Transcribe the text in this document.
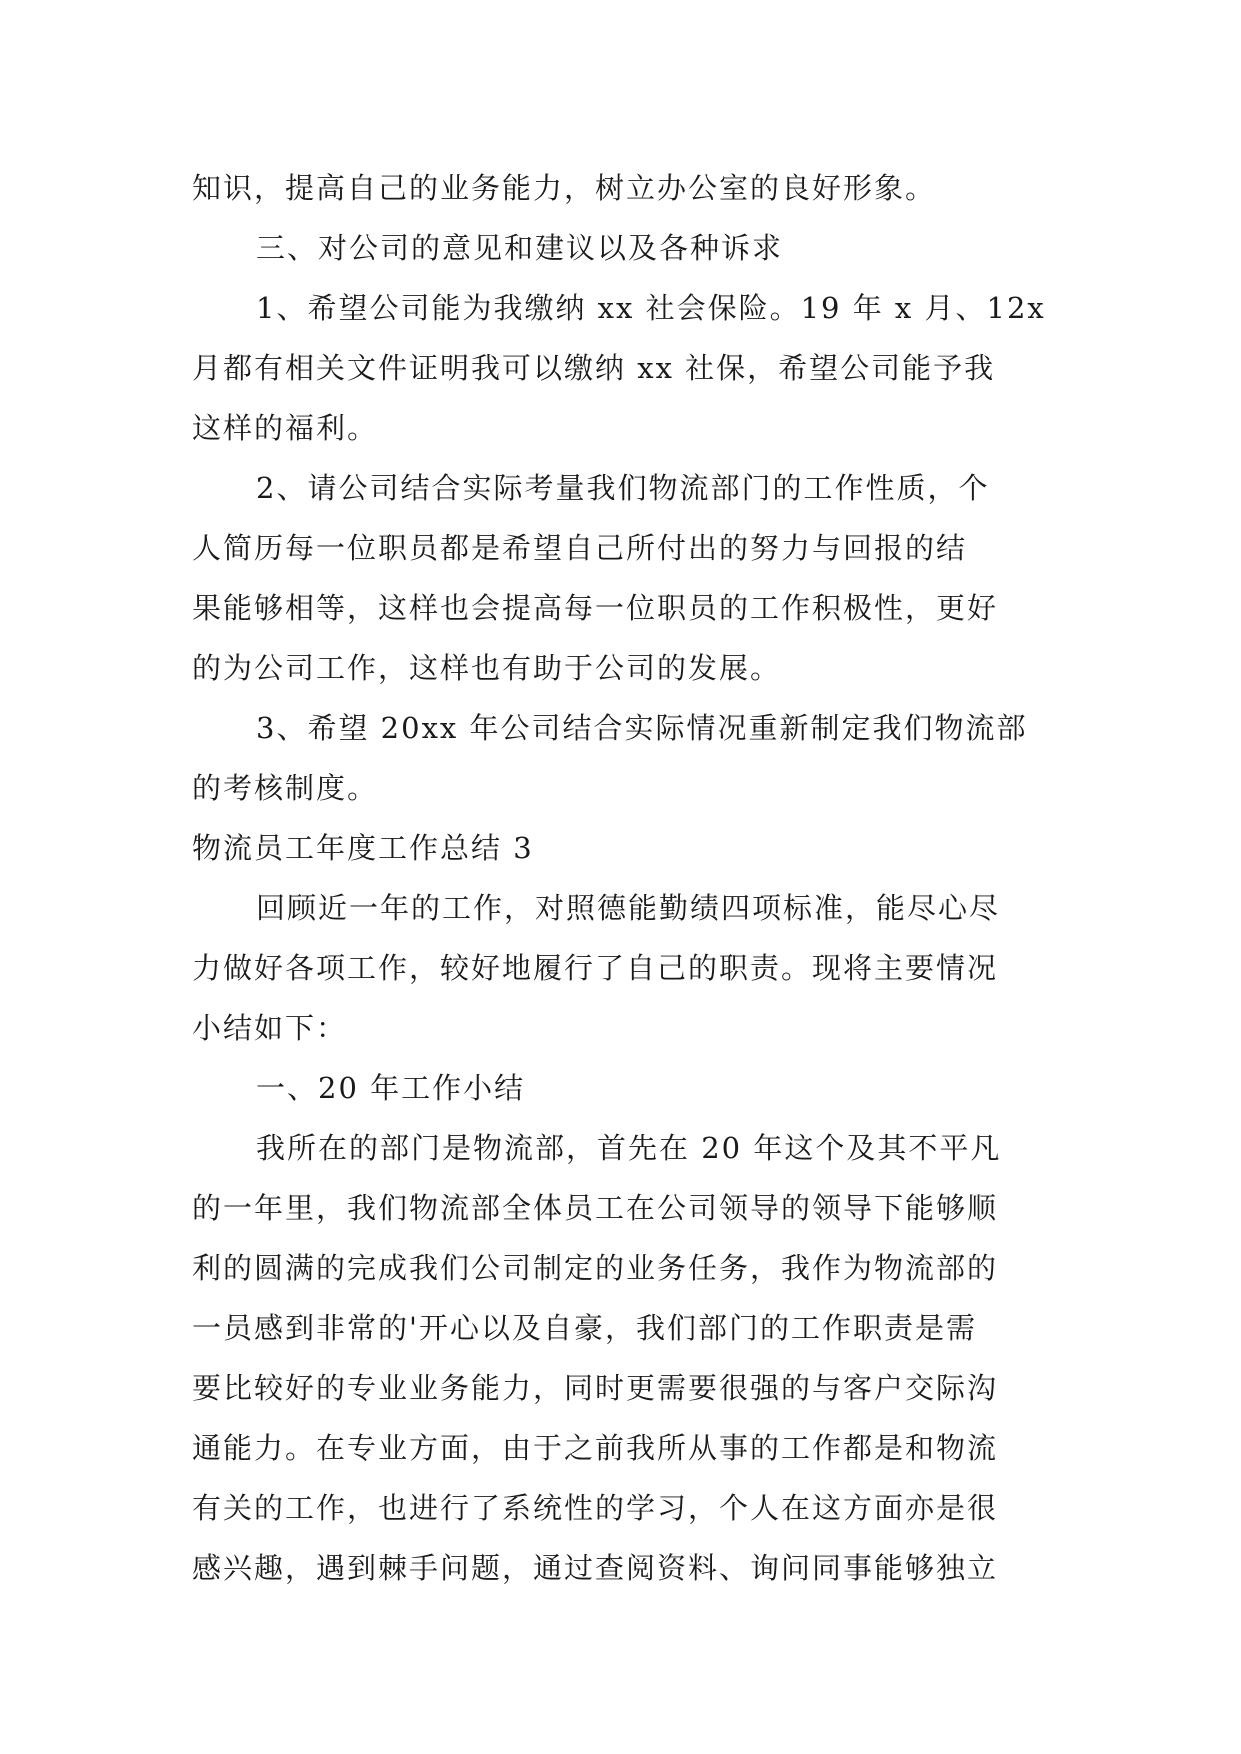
知识，提高自己的业务能力，树立办公室的良好形象。
三、对公司的意见和建议以及各种诉求
1、希望公司能为我缴纳 xx 社会保险。19 年 x 月、12x
月都有相关文件证明我可以缴纳 xx 社保，希望公司能予我
这样的福利。
2、请公司结合实际考量我们物流部门的工作性质，个
人简历每一位职员都是希望自己所付出的努力与回报的结
果能够相等，这样也会提高每一位职员的工作积极性，更好
的为公司工作，这样也有助于公司的发展。
3、希望 20xx 年公司结合实际情况重新制定我们物流部
的考核制度。
物流员工年度工作总结 3
回顾近一年的工作，对照德能勤绩四项标准，能尽心尽
力做好各项工作，较好地履行了自己的职责。现将主要情况
小结如下：
一、20 年工作小结
我所在的部门是物流部，首先在 20 年这个及其不平凡
的一年里，我们物流部全体员工在公司领导的领导下能够顺
利的圆满的完成我们公司制定的业务任务，我作为物流部的
一员感到非常的'开心以及自豪，我们部门的工作职责是需
要比较好的专业业务能力，同时更需要很强的与客户交际沟
通能力。在专业方面，由于之前我所从事的工作都是和物流
有关的工作，也进行了系统性的学习，个人在这方面亦是很
感兴趣，遇到棘手问题，通过查阅资料、询问同事能够独立
